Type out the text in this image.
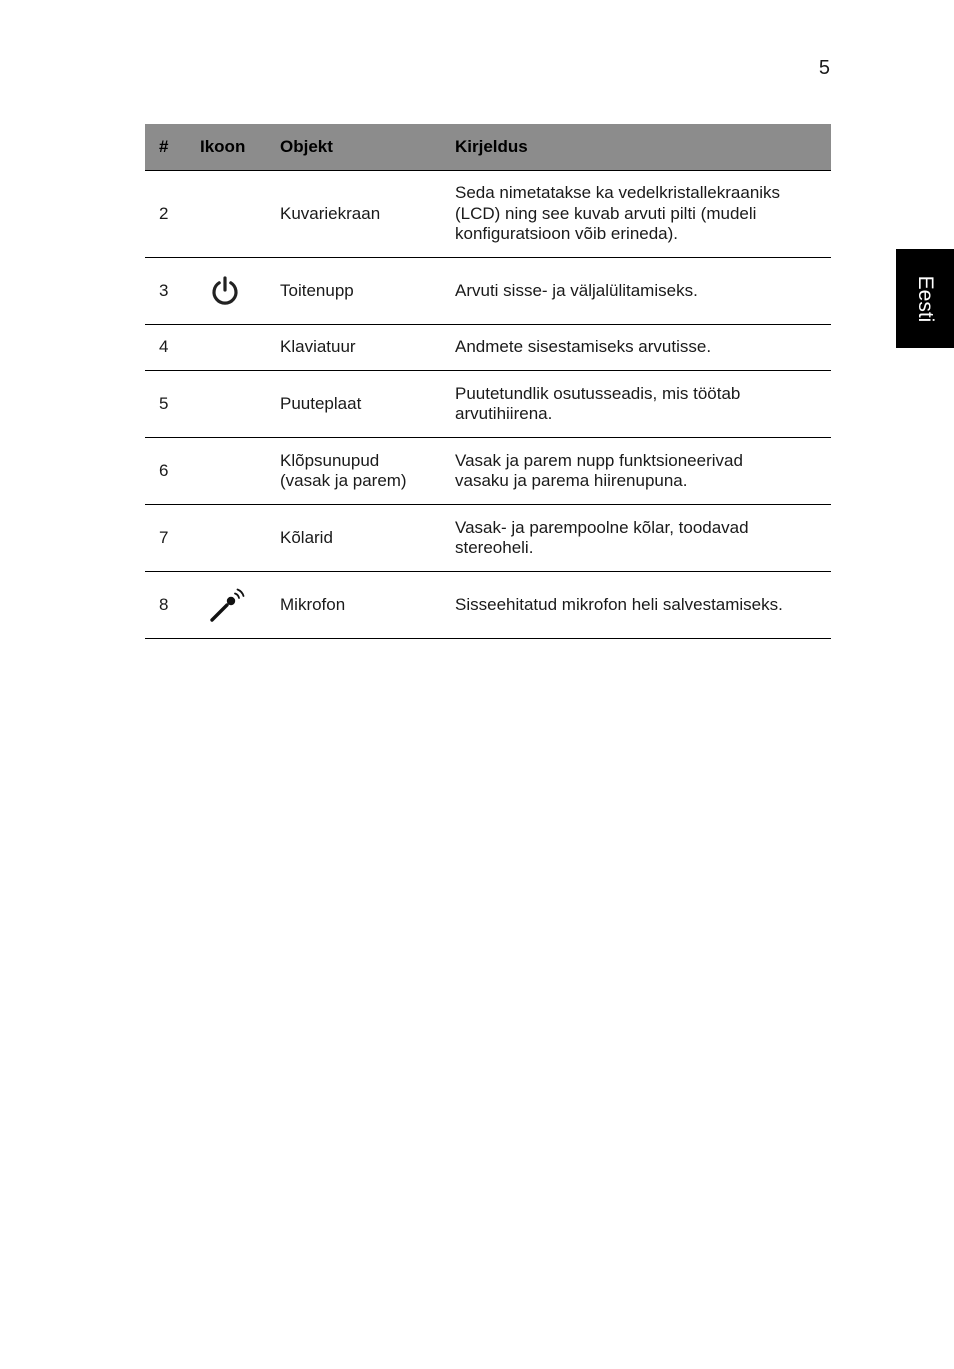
5
Eesti
#	Ikoon	Objekt	Kirjeldus
2		Kuvariekraan	Seda nimetatakse ka vedelkristallekraaniks
(LCD) ning see kuvab arvuti pilti (mudeli
konfiguratsioon võib erineda).
3		Toitenupp	Arvuti sisse- ja väljalülitamiseks.
4		Klaviatuur	Andmete sisestamiseks arvutisse.
5		Puuteplaat	Puutetundlik osutusseadis, mis töötab
arvutihiirena.
6		Klõpsunupud
(vasak ja parem)	Vasak ja parem nupp funktsioneerivad
vasaku ja parema hiirenupuna.
7		Kõlarid	Vasak- ja parempoolne kõlar, toodavad
stereoheli.
8		Mikrofon	Sisseehitatud mikrofon heli salvestamiseks.
